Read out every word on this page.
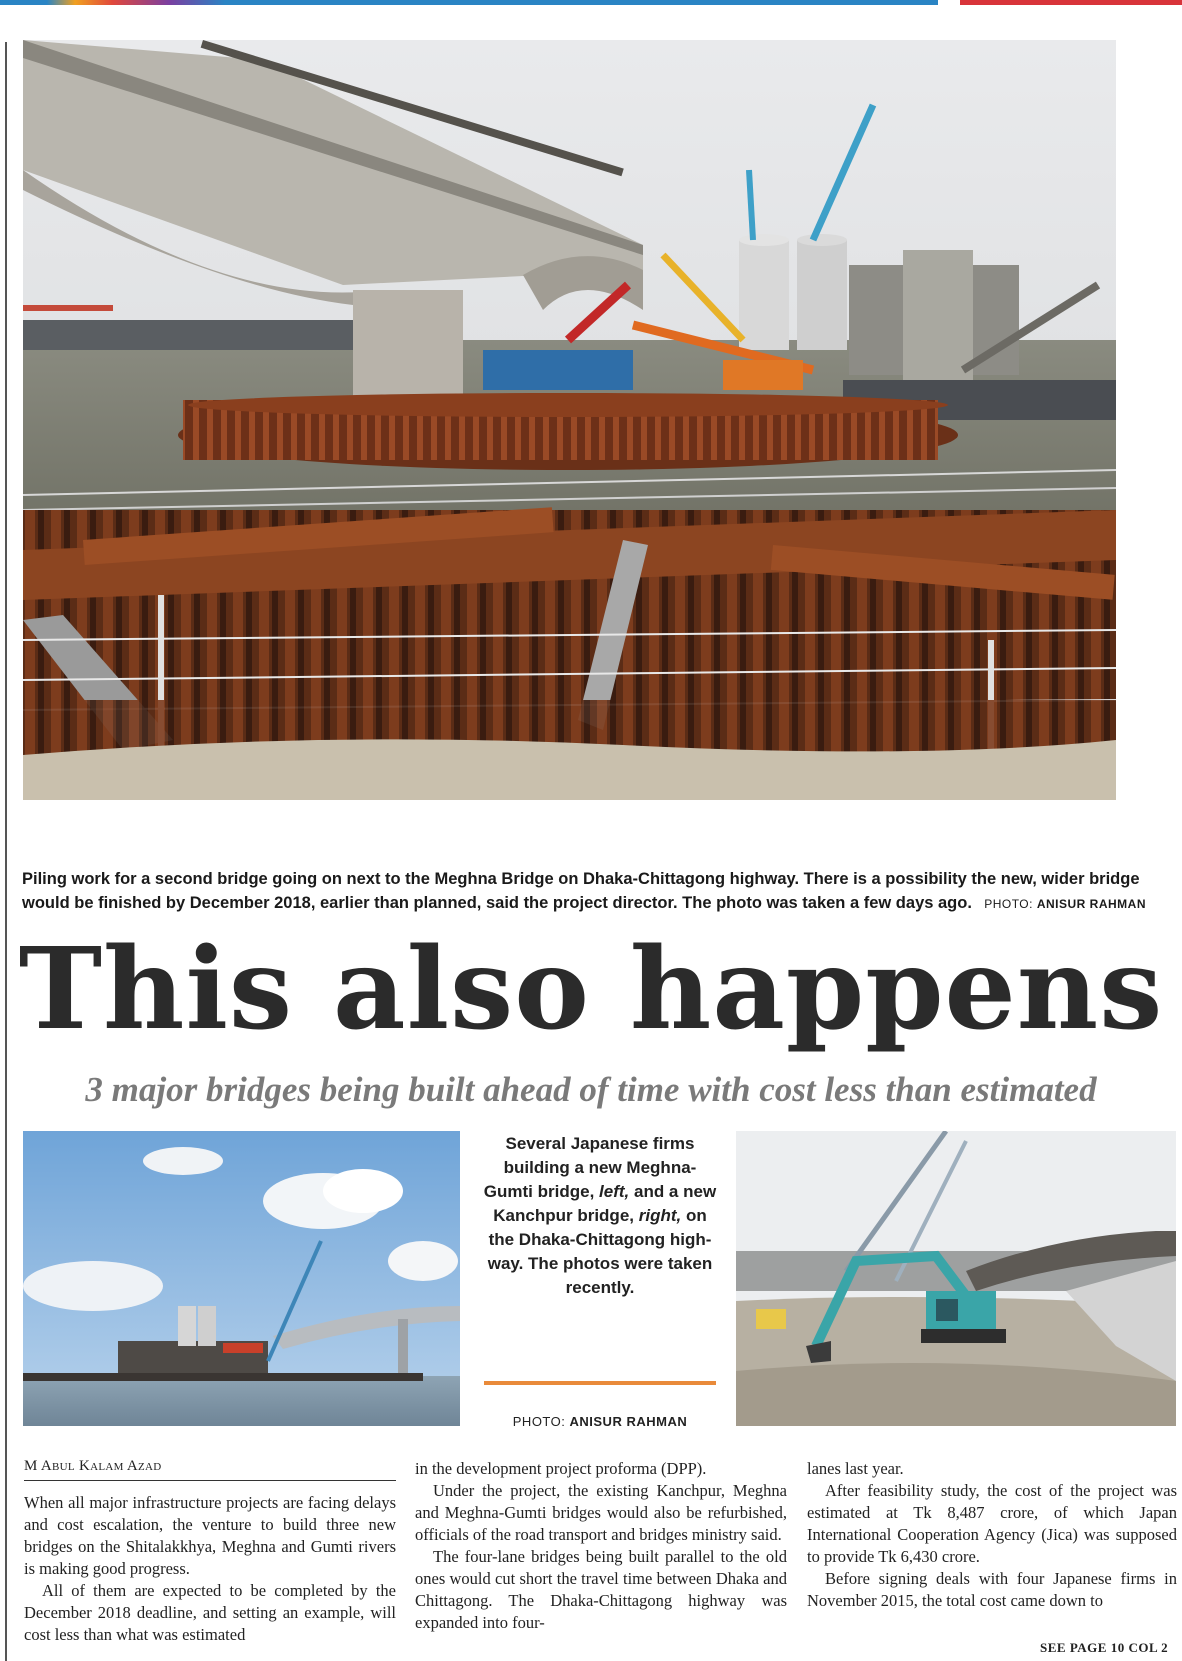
Piling work for a second bridge going on next to the Meghna Bridge on Dhaka-Chittagong highway. There is a possibility the new, wider bridge would be finished by December 2018, earlier than planned, said the project director. The photo was taken a few days ago. PHOTO: ANISUR RAHMAN
This also happens
3 major bridges being built ahead of time with cost less than estimated
Several Japanese firms building a new Meghna-Gumti bridge, left, and a new Kanchpur bridge, right, on the Dhaka-Chittagong high-way. The photos were taken recently.
PHOTO: ANISUR RAHMAN
M Abul Kalam Azad

When all major infrastructure projects are facing delays and cost escalation, the venture to build three new bridges on the Shitalakkhya, Meghna and Gumti rivers is making good progress.

All of them are expected to be completed by the December 2018 deadline, and setting an example, will cost less than what was estimated

in the development project proforma (DPP).

Under the project, the existing Kanchpur, Meghna and Meghna-Gumti bridges would also be refurbished, officials of the road transport and bridges ministry said.

The four-lane bridges being built parallel to the old ones would cut short the travel time between Dhaka and Chittagong. The Dhaka-Chittagong highway was expanded into four-

lanes last year.

After feasibility study, the cost of the project was estimated at Tk 8,487 crore, of which Japan International Cooperation Agency (Jica) was supposed to provide Tk 6,430 crore.

Before signing deals with four Japanese firms in November 2015, the total cost came down to

SEE PAGE 10 COL 2
